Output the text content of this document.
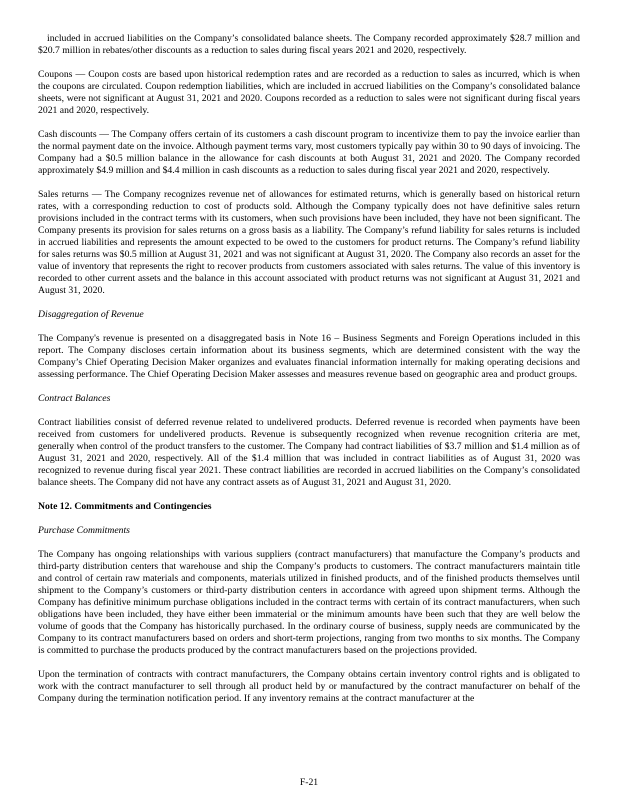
included in accrued liabilities on the Company’s consolidated balance sheets. The Company recorded approximately $28.7 million and $20.7 million in rebates/other discounts as a reduction to sales during fiscal years 2021 and 2020, respectively.

Coupons — Coupon costs are based upon historical redemption rates and are recorded as a reduction to sales as incurred, which is when the coupons are circulated. Coupon redemption liabilities, which are included in accrued liabilities on the Company’s consolidated balance sheets, were not significant at August 31, 2021 and 2020. Coupons recorded as a reduction to sales were not significant during fiscal years 2021 and 2020, respectively.

Cash discounts — The Company offers certain of its customers a cash discount program to incentivize them to pay the invoice earlier than the normal payment date on the invoice. Although payment terms vary, most customers typically pay within 30 to 90 days of invoicing. The Company had a $0.5 million balance in the allowance for cash discounts at both August 31, 2021 and 2020. The Company recorded approximately $4.9 million and $4.4 million in cash discounts as a reduction to sales during fiscal year 2021 and 2020, respectively.

Sales returns — The Company recognizes revenue net of allowances for estimated returns, which is generally based on historical return rates, with a corresponding reduction to cost of products sold. Although the Company typically does not have definitive sales return provisions included in the contract terms with its customers, when such provisions have been included, they have not been significant. The Company presents its provision for sales returns on a gross basis as a liability. The Company’s refund liability for sales returns is included in accrued liabilities and represents the amount expected to be owed to the customers for product returns. The Company’s refund liability for sales returns was $0.5 million at August 31, 2021 and was not significant at August 31, 2020. The Company also records an asset for the value of inventory that represents the right to recover products from customers associated with sales returns. The value of this inventory is recorded to other current assets and the balance in this account associated with product returns was not significant at August 31, 2021 and August 31, 2020.

Disaggregation of Revenue

The Company's revenue is presented on a disaggregated basis in Note 16 – Business Segments and Foreign Operations included in this report. The Company discloses certain information about its business segments, which are determined consistent with the way the Company’s Chief Operating Decision Maker organizes and evaluates financial information internally for making operating decisions and assessing performance. The Chief Operating Decision Maker assesses and measures revenue based on geographic area and product groups.

Contract Balances

Contract liabilities consist of deferred revenue related to undelivered products. Deferred revenue is recorded when payments have been received from customers for undelivered products. Revenue is subsequently recognized when revenue recognition criteria are met, generally when control of the product transfers to the customer. The Company had contract liabilities of $3.7 million and $1.4 million as of August 31, 2021 and 2020, respectively. All of the $1.4 million that was included in contract liabilities as of August 31, 2020 was recognized to revenue during fiscal year 2021. These contract liabilities are recorded in accrued liabilities on the Company’s consolidated balance sheets. The Company did not have any contract assets as of August 31, 2021 and August 31, 2020.

Note 12. Commitments and Contingencies

Purchase Commitments

The Company has ongoing relationships with various suppliers (contract manufacturers) that manufacture the Company’s products and third-party distribution centers that warehouse and ship the Company’s products to customers. The contract manufacturers maintain title and control of certain raw materials and components, materials utilized in finished products, and of the finished products themselves until shipment to the Company’s customers or third-party distribution centers in accordance with agreed upon shipment terms. Although the Company has definitive minimum purchase obligations included in the contract terms with certain of its contract manufacturers, when such obligations have been included, they have either been immaterial or the minimum amounts have been such that they are well below the volume of goods that the Company has historically purchased. In the ordinary course of business, supply needs are communicated by the Company to its contract manufacturers based on orders and short-term projections, ranging from two months to six months. The Company is committed to purchase the products produced by the contract manufacturers based on the projections provided.

Upon the termination of contracts with contract manufacturers, the Company obtains certain inventory control rights and is obligated to work with the contract manufacturer to sell through all product held by or manufactured by the contract manufacturer on behalf of the Company during the termination notification period. If any inventory remains at the contract manufacturer at the

F-21
